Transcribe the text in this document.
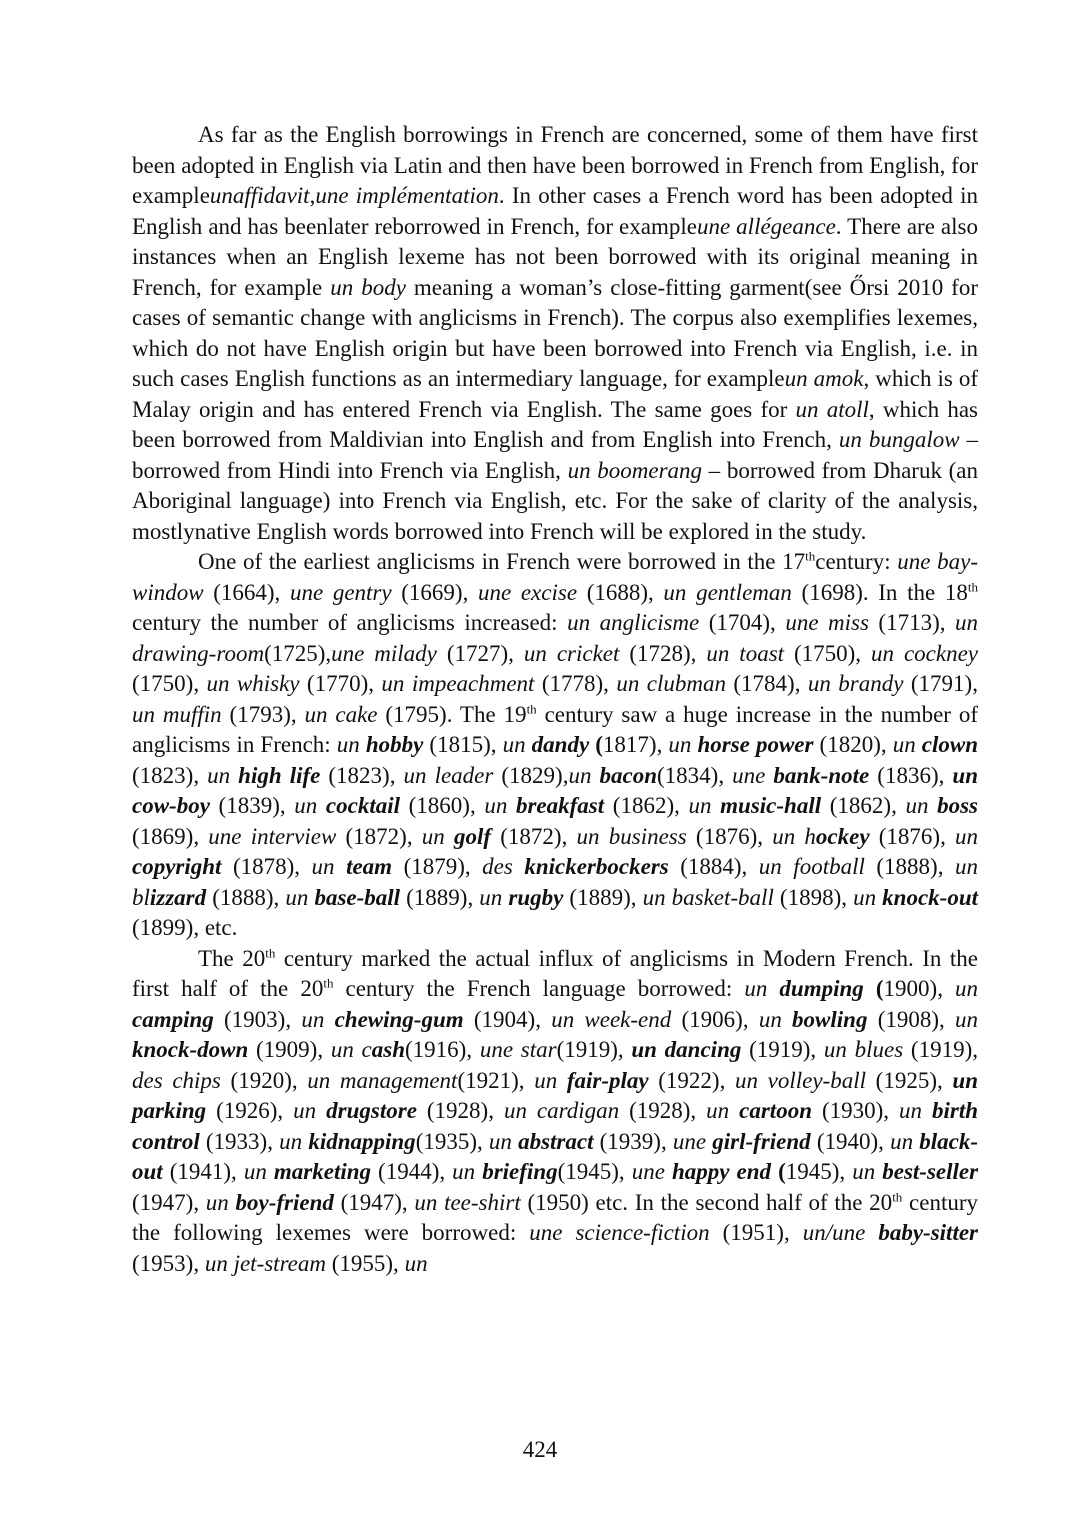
As far as the English borrowings in French are concerned, some of them have first been adopted in English via Latin and then have been borrowed in French from English, for exampleunaffidavit,une implémentation. In other cases a French word has been adopted in English and has beenlater reborrowed in French, for exampleune allégeance. There are also instances when an English lexeme has not been borrowed with its original meaning in French, for example un body meaning a woman’s close-fitting garment(see Őrsi 2010 for cases of semantic change with anglicisms in French). The corpus also exemplifies lexemes, which do not have English origin but have been borrowed into French via English, i.e. in such cases English functions as an intermediary language, for exampleun amok, which is of Malay origin and has entered French via English. The same goes for un atoll, which has been borrowed from Maldivian into English and from English into French, un bungalow – borrowed from Hindi into French via English, un boomerang – borrowed from Dharuk (an Aboriginal language) into French via English, etc. For the sake of clarity of the analysis, mostlynative English words borrowed into French will be explored in the study.

One of the earliest anglicisms in French were borrowed in the 17thcentury: une bay-window (1664), une gentry (1669), une excise (1688), un gentleman (1698). In the 18th century the number of anglicisms increased: un anglicisme (1704), une miss (1713), un drawing-room(1725),une milady (1727), un cricket (1728), un toast (1750), un cockney (1750), un whisky (1770), un impeachment (1778), un clubman (1784), un brandy (1791), un muffin (1793), un cake (1795). The 19th century saw a huge increase in the number of anglicisms in French: un hobby (1815), un dandy (1817), un horse power (1820), un clown (1823), un high life (1823), un leader (1829),un bacon(1834), une bank-note (1836), un cow-boy (1839), un cocktail (1860), un breakfast (1862), un music-hall (1862), un boss (1869), une interview (1872), un golf (1872), un business (1876), un hockey (1876), un copyright (1878), un team (1879), des knickerbockers (1884), un football (1888), un blizzard (1888), un base-ball (1889), un rugby (1889), un basket-ball (1898), un knock-out (1899), etc.

The 20th century marked the actual influx of anglicisms in Modern French. In the first half of the 20th century the French language borrowed: un dumping (1900), un camping (1903), un chewing-gum (1904), un week-end (1906), un bowling (1908), un knock-down (1909), un cash(1916), une star(1919), un dancing (1919), un blues (1919), des chips (1920), un management(1921), un fair-play (1922), un volley-ball (1925), un parking (1926), un drugstore (1928), un cardigan (1928), un cartoon (1930), un birth control (1933), un kidnapping(1935), un abstract (1939), une girl-friend (1940), un black-out (1941), un marketing (1944), un briefing(1945), une happy end (1945), un best-seller (1947), un boy-friend (1947), un tee-shirt (1950) etc. In the second half of the 20th century the following lexemes were borrowed: une science-fiction (1951), un/une baby-sitter (1953), un jet-stream (1955), un

424
